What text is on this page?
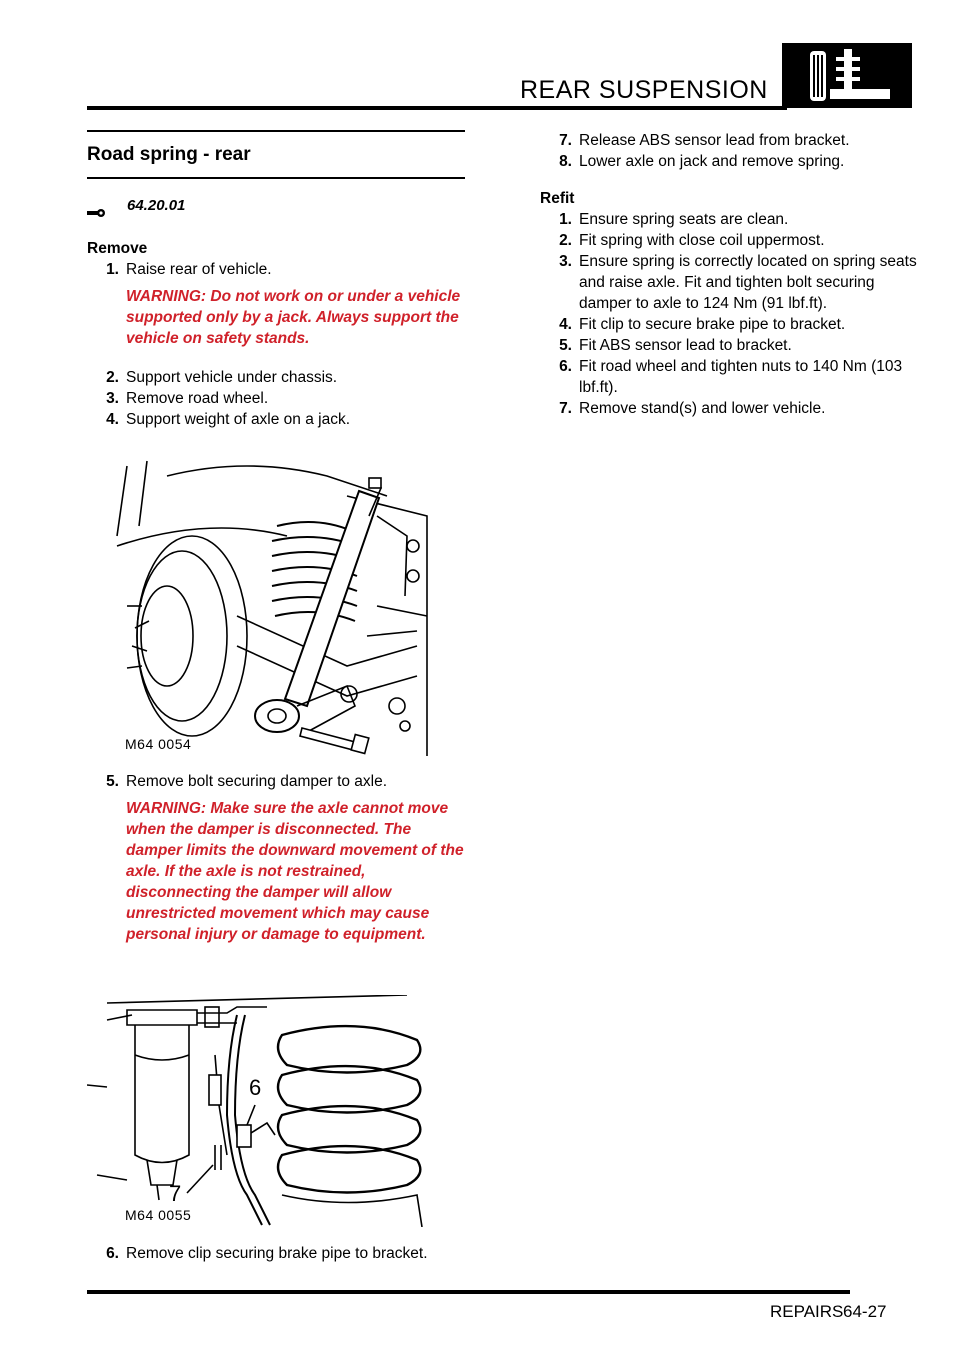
REAR SUSPENSION
Road spring - rear
64.20.01
Remove
1. Raise rear of vehicle.
WARNING: Do not work on or under a vehicle supported only by a jack. Always support the vehicle on safety stands.
2. Support vehicle under chassis.
3. Remove road wheel.
4. Support weight of axle on a jack.
M64 0054
5. Remove bolt securing damper to axle.
WARNING: Make sure the axle cannot move when the damper is disconnected. The damper limits the downward movement of the axle. If the axle is not restrained, disconnecting the damper will allow unrestricted movement which may cause personal injury or damage to equipment.
6
7
M64 0055
6. Remove clip securing brake pipe to bracket.
7. Release ABS sensor lead from bracket.
8. Lower axle on jack and remove spring.
Refit
1. Ensure spring seats are clean.
2. Fit spring with close coil uppermost.
3. Ensure spring is correctly located on spring seats and raise axle. Fit and tighten bolt securing damper to axle to 124 Nm (91 lbf.ft).
4. Fit clip to secure brake pipe to bracket.
5. Fit ABS sensor lead to bracket.
6. Fit road wheel and tighten nuts to 140 Nm (103 lbf.ft).
7. Remove stand(s) and lower vehicle.
REPAIRS 64-27
